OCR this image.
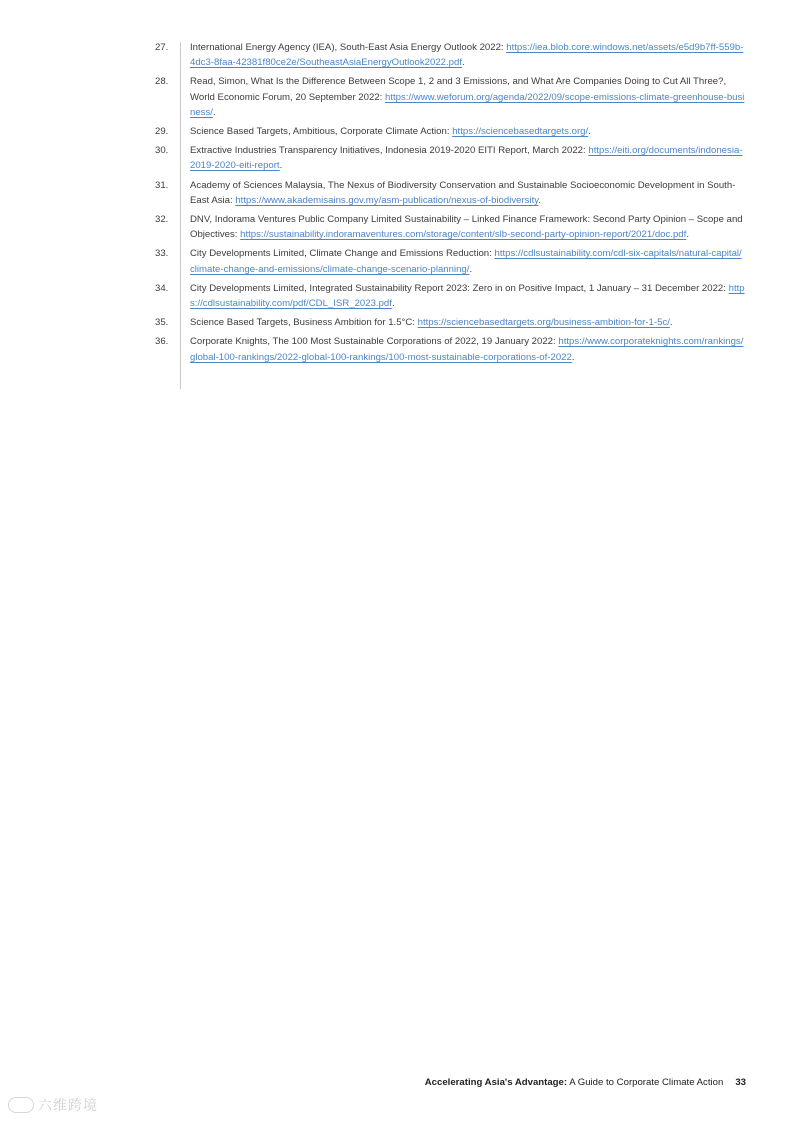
27.	International Energy Agency (IEA), South-East Asia Energy Outlook 2022: https://iea.blob.core.windows.net/assets/e5d9b7ff-559b-4dc3-8faa-42381f80ce2e/SoutheastAsiaEnergyOutlook2022.pdf.
28.	Read, Simon, What Is the Difference Between Scope 1, 2 and 3 Emissions, and What Are Companies Doing to Cut All Three?, World Economic Forum, 20 September 2022: https://www.weforum.org/agenda/2022/09/scope-emissions-climate-greenhouse-business/.
29.	Science Based Targets, Ambitious, Corporate Climate Action: https://sciencebasedtargets.org/.
30.	Extractive Industries Transparency Initiatives, Indonesia 2019-2020 EITI Report, March 2022: https://eiti.org/documents/indonesia-2019-2020-eiti-report.
31.	Academy of Sciences Malaysia, The Nexus of Biodiversity Conservation and Sustainable Socioeconomic Development in South-East Asia: https://www.akademisains.gov.my/asm-publication/nexus-of-biodiversity.
32.	DNV, Indorama Ventures Public Company Limited Sustainability – Linked Finance Framework: Second Party Opinion – Scope and Objectives: https://sustainability.indoramaventures.com/storage/content/slb-second-party-opinion-report/2021/doc.pdf.
33.	City Developments Limited, Climate Change and Emissions Reduction: https://cdlsustainability.com/cdl-six-capitals/natural-capital/climate-change-and-emissions/climate-change-scenario-planning/.
34.	City Developments Limited, Integrated Sustainability Report 2023: Zero in on Positive Impact, 1 January – 31 December 2022: https://cdlsustainability.com/pdf/CDL_ISR_2023.pdf.
35.	Science Based Targets, Business Ambition for 1.5°C: https://sciencebasedtargets.org/business-ambition-for-1-5c/.
36.	Corporate Knights, The 100 Most Sustainable Corporations of 2022, 19 January 2022: https://www.corporateknights.com/rankings/global-100-rankings/2022-global-100-rankings/100-most-sustainable-corporations-of-2022.
Accelerating Asia's Advantage: A Guide to Corporate Climate Action 33
六维跨境
